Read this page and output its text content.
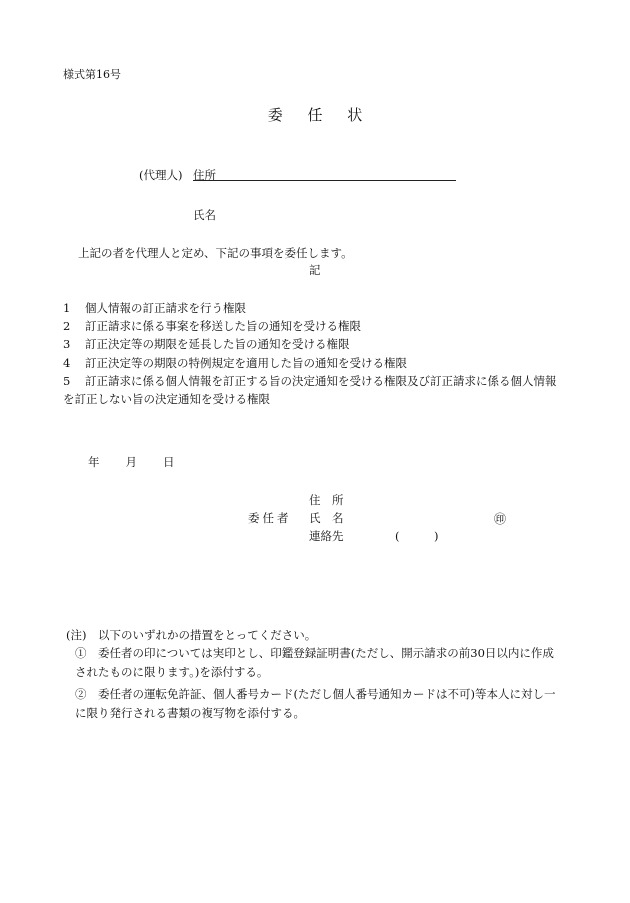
様式第16号
委 任 状
(代理人) 住所
氏名
上記の者を代理人と定め、下記の事項を委任します。
記
1	個人情報の訂正請求を行う権限
2	訂正請求に係る事案を移送した旨の通知を受ける権限
3	訂正決定等の期限を延長した旨の通知を受ける権限
4	訂正決定等の期限の特例規定を適用した旨の通知を受ける権限
5	訂正請求に係る個人情報を訂正する旨の決定通知を受ける権限及び訂正請求に係る個人情報
を訂正しない旨の決定通知を受ける権限
年 月 日
委任者
住　所
氏　名
連絡先
㊞
(　　　)
(注)　以下のいずれかの措置をとってください。
①　委任者の印については実印とし、印鑑登録証明書(ただし、開示請求の前30日以内に作成
されたものに限ります。)を添付する。
②　委任者の運転免許証、個人番号カード(ただし個人番号通知カードは不可)等本人に対し一
に限り発行される書類の複写物を添付する。
